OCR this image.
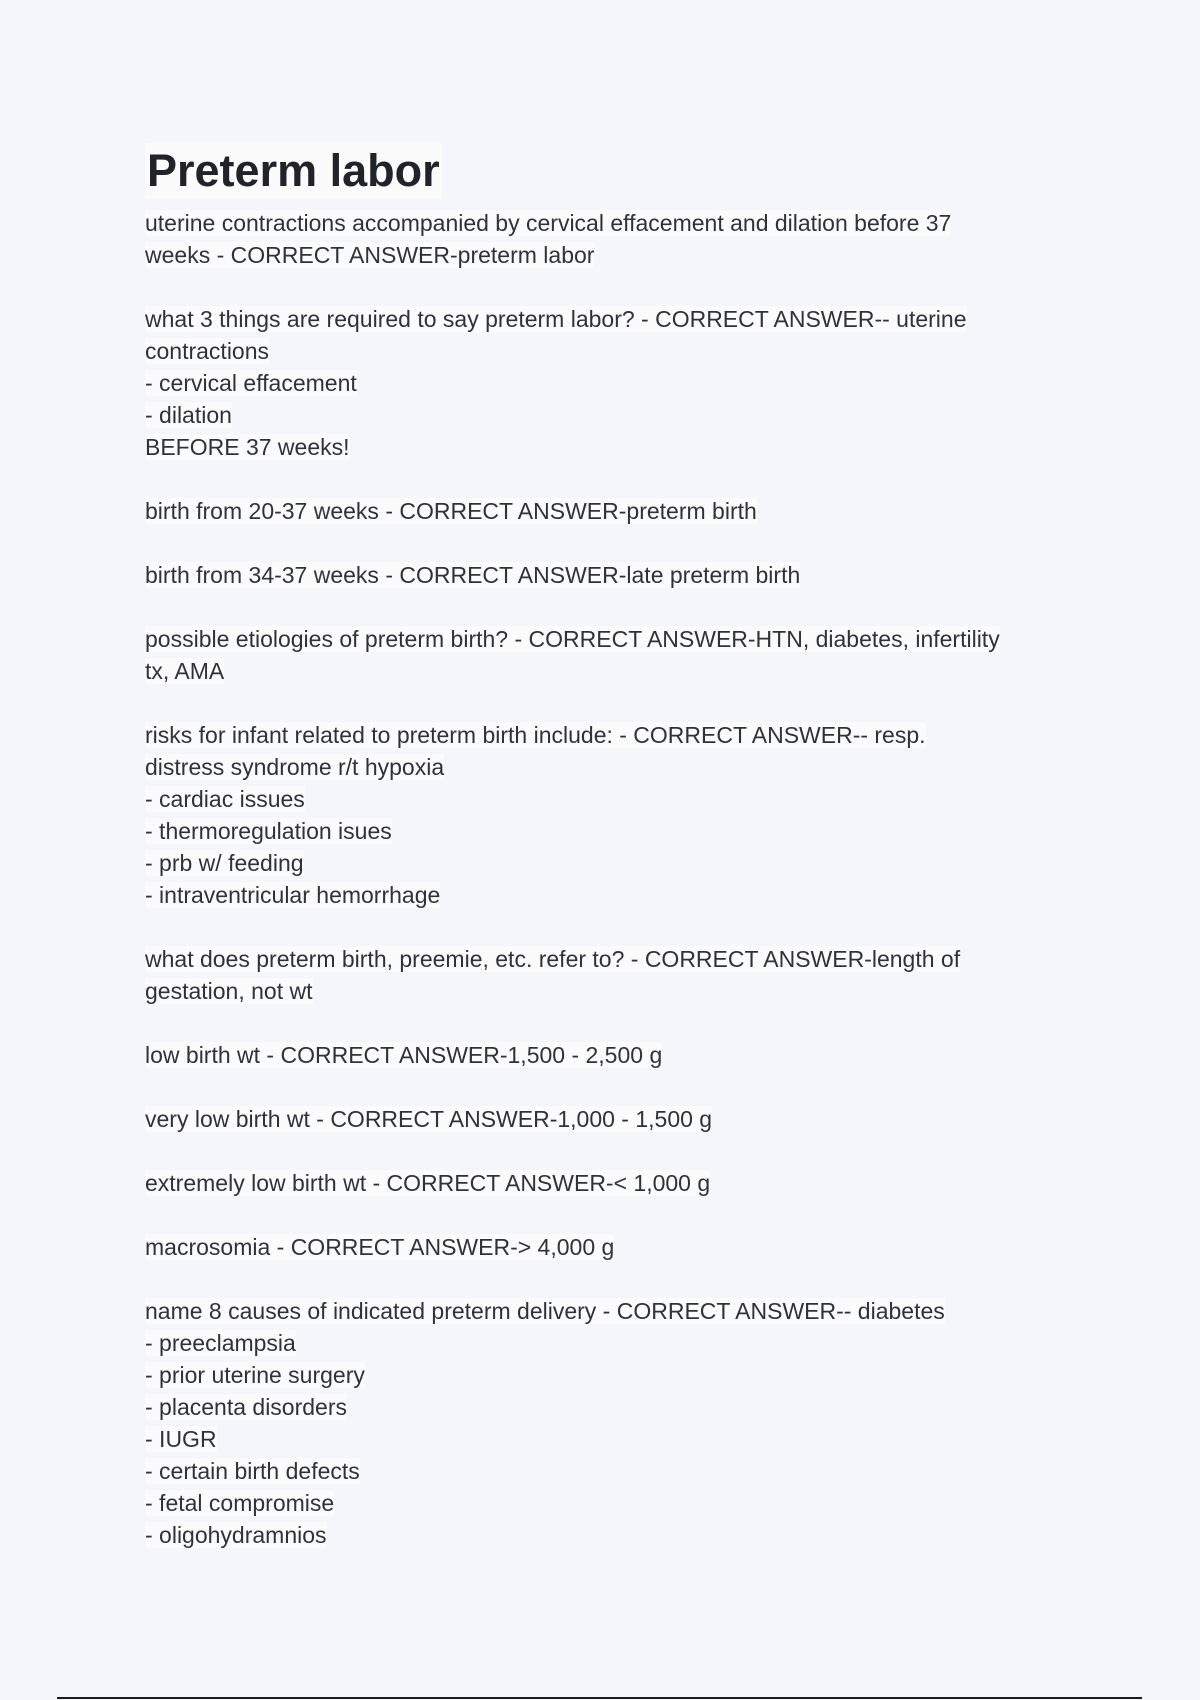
Preterm labor
uterine contractions accompanied by cervical effacement and dilation before 37
weeks - CORRECT ANSWER-preterm labor
what 3 things are required to say preterm labor? - CORRECT ANSWER-- uterine
contractions
- cervical effacement
- dilation
BEFORE 37 weeks!
birth from 20-37 weeks - CORRECT ANSWER-preterm birth
birth from 34-37 weeks - CORRECT ANSWER-late preterm birth
possible etiologies of preterm birth? - CORRECT ANSWER-HTN, diabetes, infertility
tx, AMA
risks for infant related to preterm birth include: - CORRECT ANSWER-- resp.
distress syndrome r/t hypoxia
- cardiac issues
- thermoregulation isues
- prb w/ feeding
- intraventricular hemorrhage
what does preterm birth, preemie, etc. refer to? - CORRECT ANSWER-length of
gestation, not wt
low birth wt - CORRECT ANSWER-1,500 - 2,500 g
very low birth wt - CORRECT ANSWER-1,000 - 1,500 g
extremely low birth wt - CORRECT ANSWER-< 1,000 g
macrosomia - CORRECT ANSWER-> 4,000 g
name 8 causes of indicated preterm delivery - CORRECT ANSWER-- diabetes
- preeclampsia
- prior uterine surgery
- placenta disorders
- IUGR
- certain birth defects
- fetal compromise
- oligohydramnios
